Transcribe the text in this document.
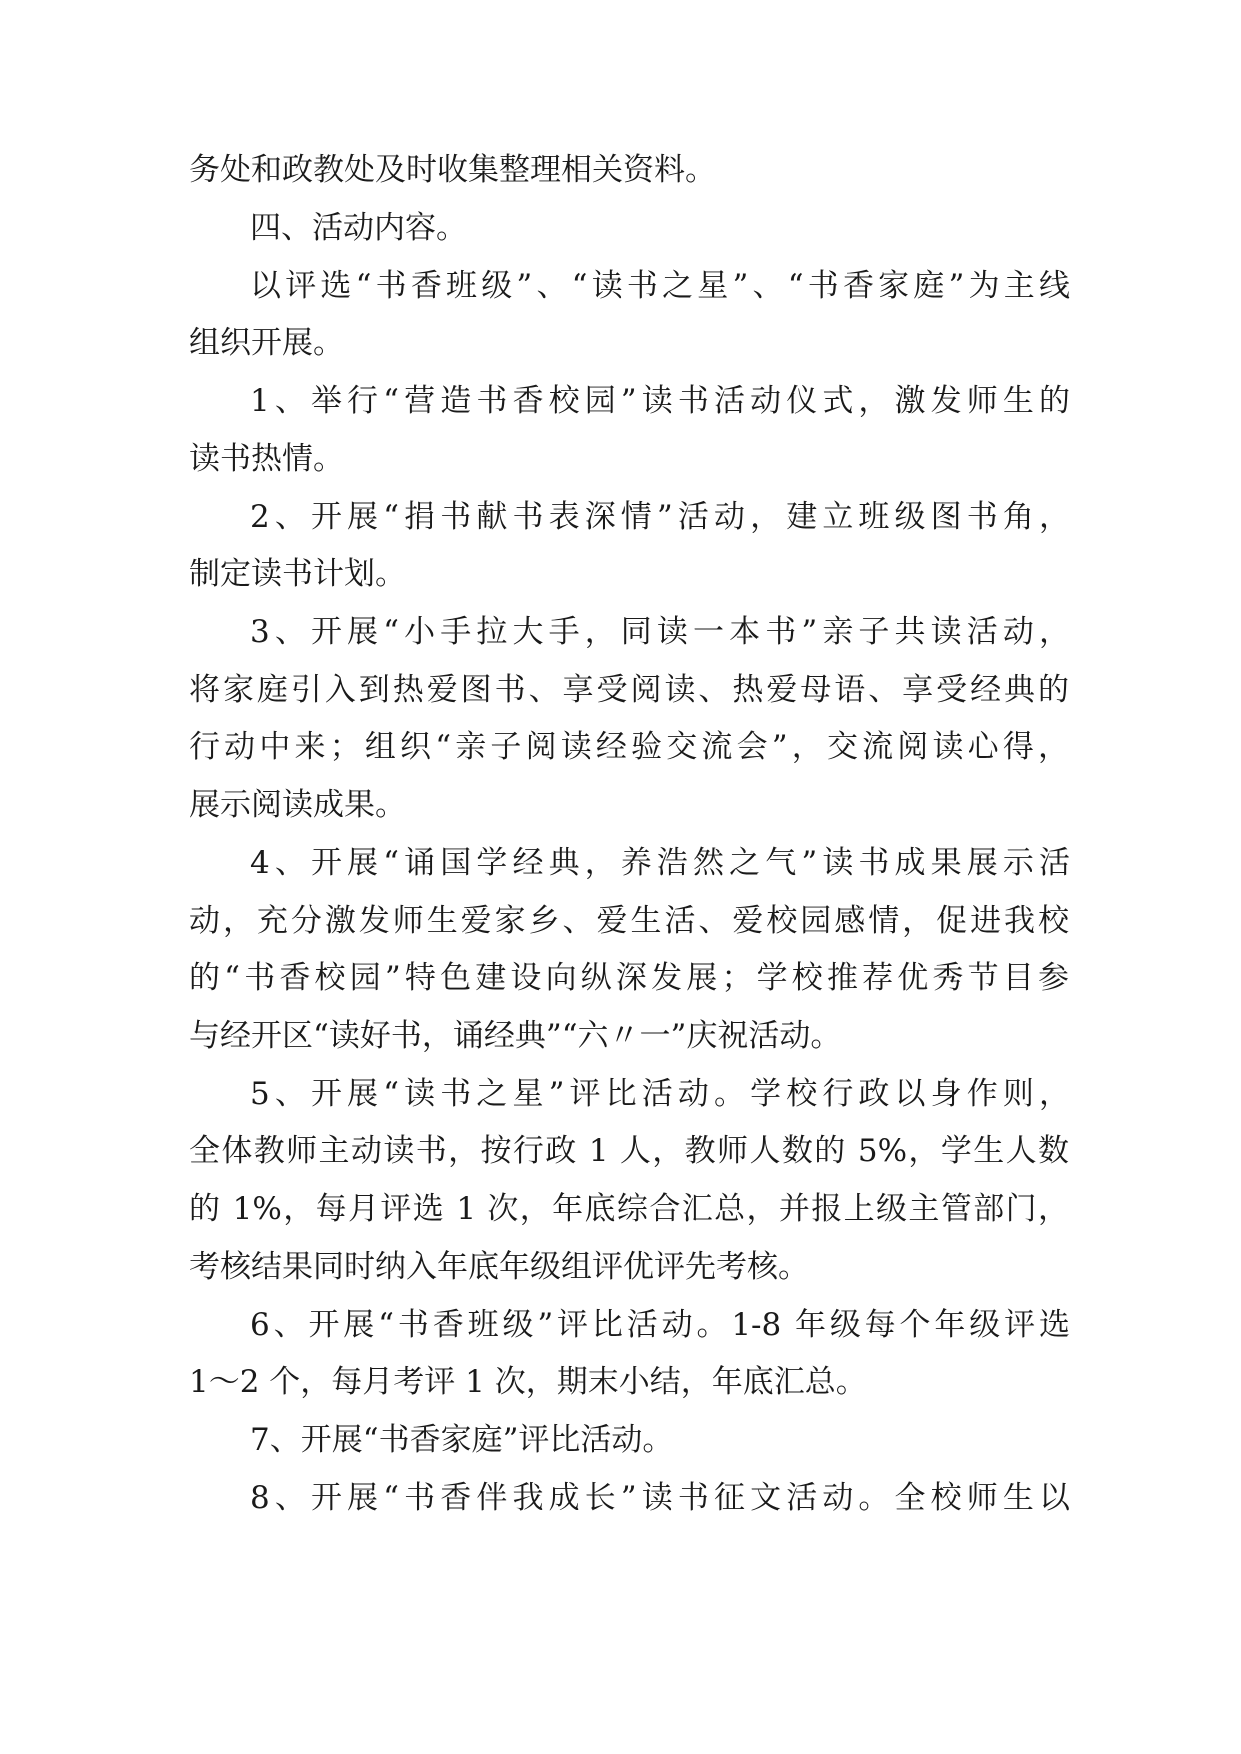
务处和政教处及时收集整理相关资料。

四、活动内容。

以评选“书香班级”、“读书之星”、“书香家庭”为主线

组织开展。

1、举行“营造书香校园”读书活动仪式，激发师生的

读书热情。

2、开展“捐书献书表深情”活动，建立班级图书角，

制定读书计划。

3、开展“小手拉大手，同读一本书”亲子共读活动，

将家庭引入到热爱图书、享受阅读、热爱母语、享受经典的

行动中来；组织“亲子阅读经验交流会”，交流阅读心得，

展示阅读成果。

4、开展“诵国学经典，养浩然之气”读书成果展示活

动，充分激发师生爱家乡、爱生活、爱校园感情，促进我校

的“书香校园”特色建设向纵深发展；学校推荐优秀节目参

与经开区“读好书，诵经典”“六〃一”庆祝活动。

5、开展“读书之星”评比活动。学校行政以身作则，

全体教师主动读书，按行政 1 人，教师人数的 5%，学生人数

的 1%，每月评选 1 次，年底综合汇总，并报上级主管部门，

考核结果同时纳入年底年级组评优评先考核。

6、开展“书香班级”评比活动。1-8 年级每个年级评选

1～2 个，每月考评 1 次，期末小结，年底汇总。

7、开展“书香家庭”评比活动。

8、开展“书香伴我成长”读书征文活动。全校师生以
